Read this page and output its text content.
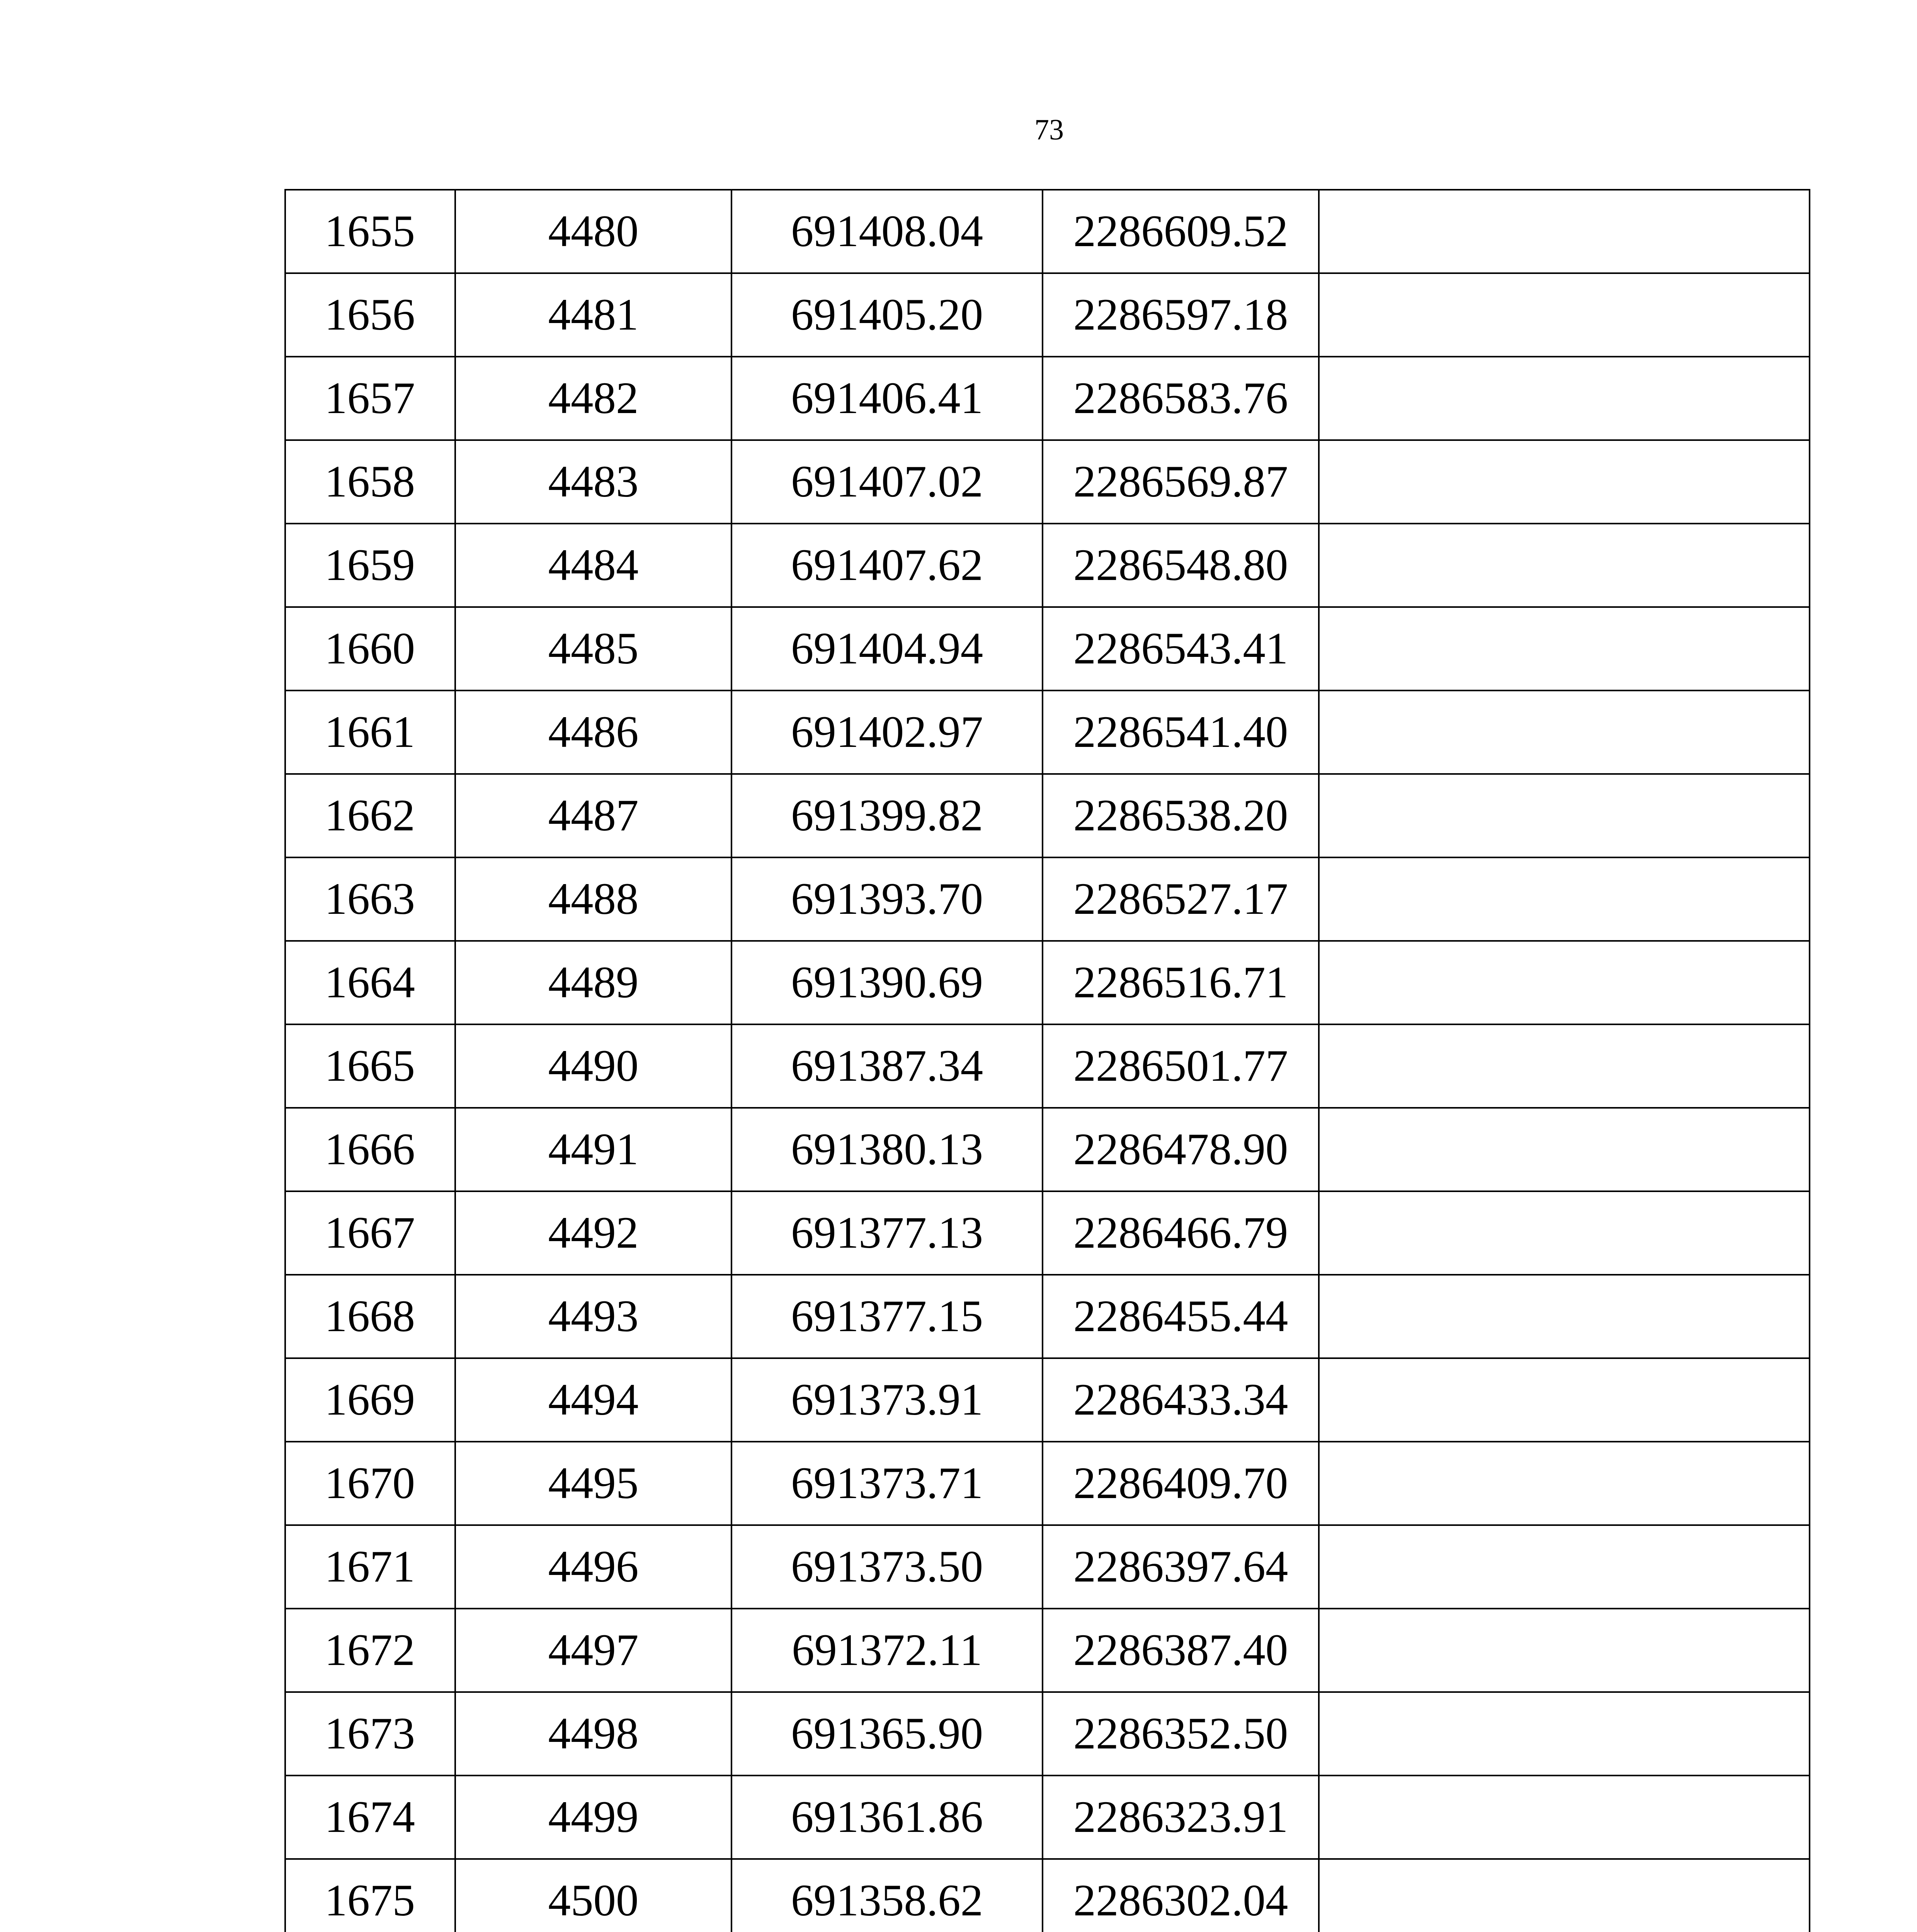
73
1655	4480	691408.04	2286609.52	
1656	4481	691405.20	2286597.18	
1657	4482	691406.41	2286583.76	
1658	4483	691407.02	2286569.87	
1659	4484	691407.62	2286548.80	
1660	4485	691404.94	2286543.41	
1661	4486	691402.97	2286541.40	
1662	4487	691399.82	2286538.20	
1663	4488	691393.70	2286527.17	
1664	4489	691390.69	2286516.71	
1665	4490	691387.34	2286501.77	
1666	4491	691380.13	2286478.90	
1667	4492	691377.13	2286466.79	
1668	4493	691377.15	2286455.44	
1669	4494	691373.91	2286433.34	
1670	4495	691373.71	2286409.70	
1671	4496	691373.50	2286397.64	
1672	4497	691372.11	2286387.40	
1673	4498	691365.90	2286352.50	
1674	4499	691361.86	2286323.91	
1675	4500	691358.62	2286302.04	
